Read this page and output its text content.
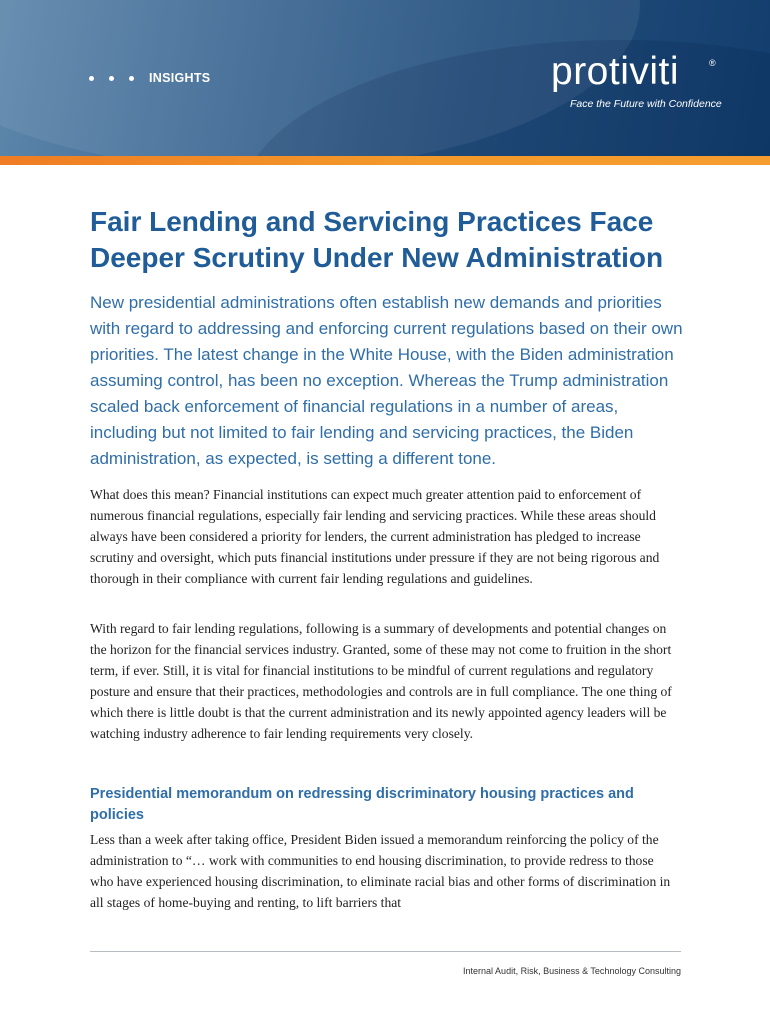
INSIGHTS	protiviti	®
Face the Future with Confidence
Fair Lending and Servicing Practices Face Deeper Scrutiny Under New Administration

New presidential administrations often establish new demands and priorities with regard to addressing and enforcing current regulations based on their own priorities. The latest change in the White House, with the Biden administration assuming control, has been no exception. Whereas the Trump administration scaled back enforcement of financial regulations in a number of areas, including but not limited to fair lending and servicing practices, the Biden administration, as expected, is setting a different tone.

What does this mean? Financial institutions can expect much greater attention paid to enforcement of numerous financial regulations, especially fair lending and servicing practices. While these areas should always have been considered a priority for lenders, the current administration has pledged to increase scrutiny and oversight, which puts financial institutions under pressure if they are not being rigorous and thorough in their compliance with current fair lending regulations and guidelines.

With regard to fair lending regulations, following is a summary of developments and potential changes on the horizon for the financial services industry. Granted, some of these may not come to fruition in the short term, if ever. Still, it is vital for financial institutions to be mindful of current regulations and regulatory posture and ensure that their practices, methodologies and controls are in full compliance. The one thing of which there is little doubt is that the current administration and its newly appointed agency leaders will be watching industry adherence to fair lending requirements very closely.

Presidential memorandum on redressing discriminatory housing practices and policies

Less than a week after taking office, President Biden issued a memorandum reinforcing the policy of the administration to “… work with communities to end housing discrimination, to provide redress to those who have experienced housing discrimination, to eliminate racial bias and other forms of discrimination in all stages of home-buying and renting, to lift barriers that

Internal Audit, Risk, Business & Technology Consulting
